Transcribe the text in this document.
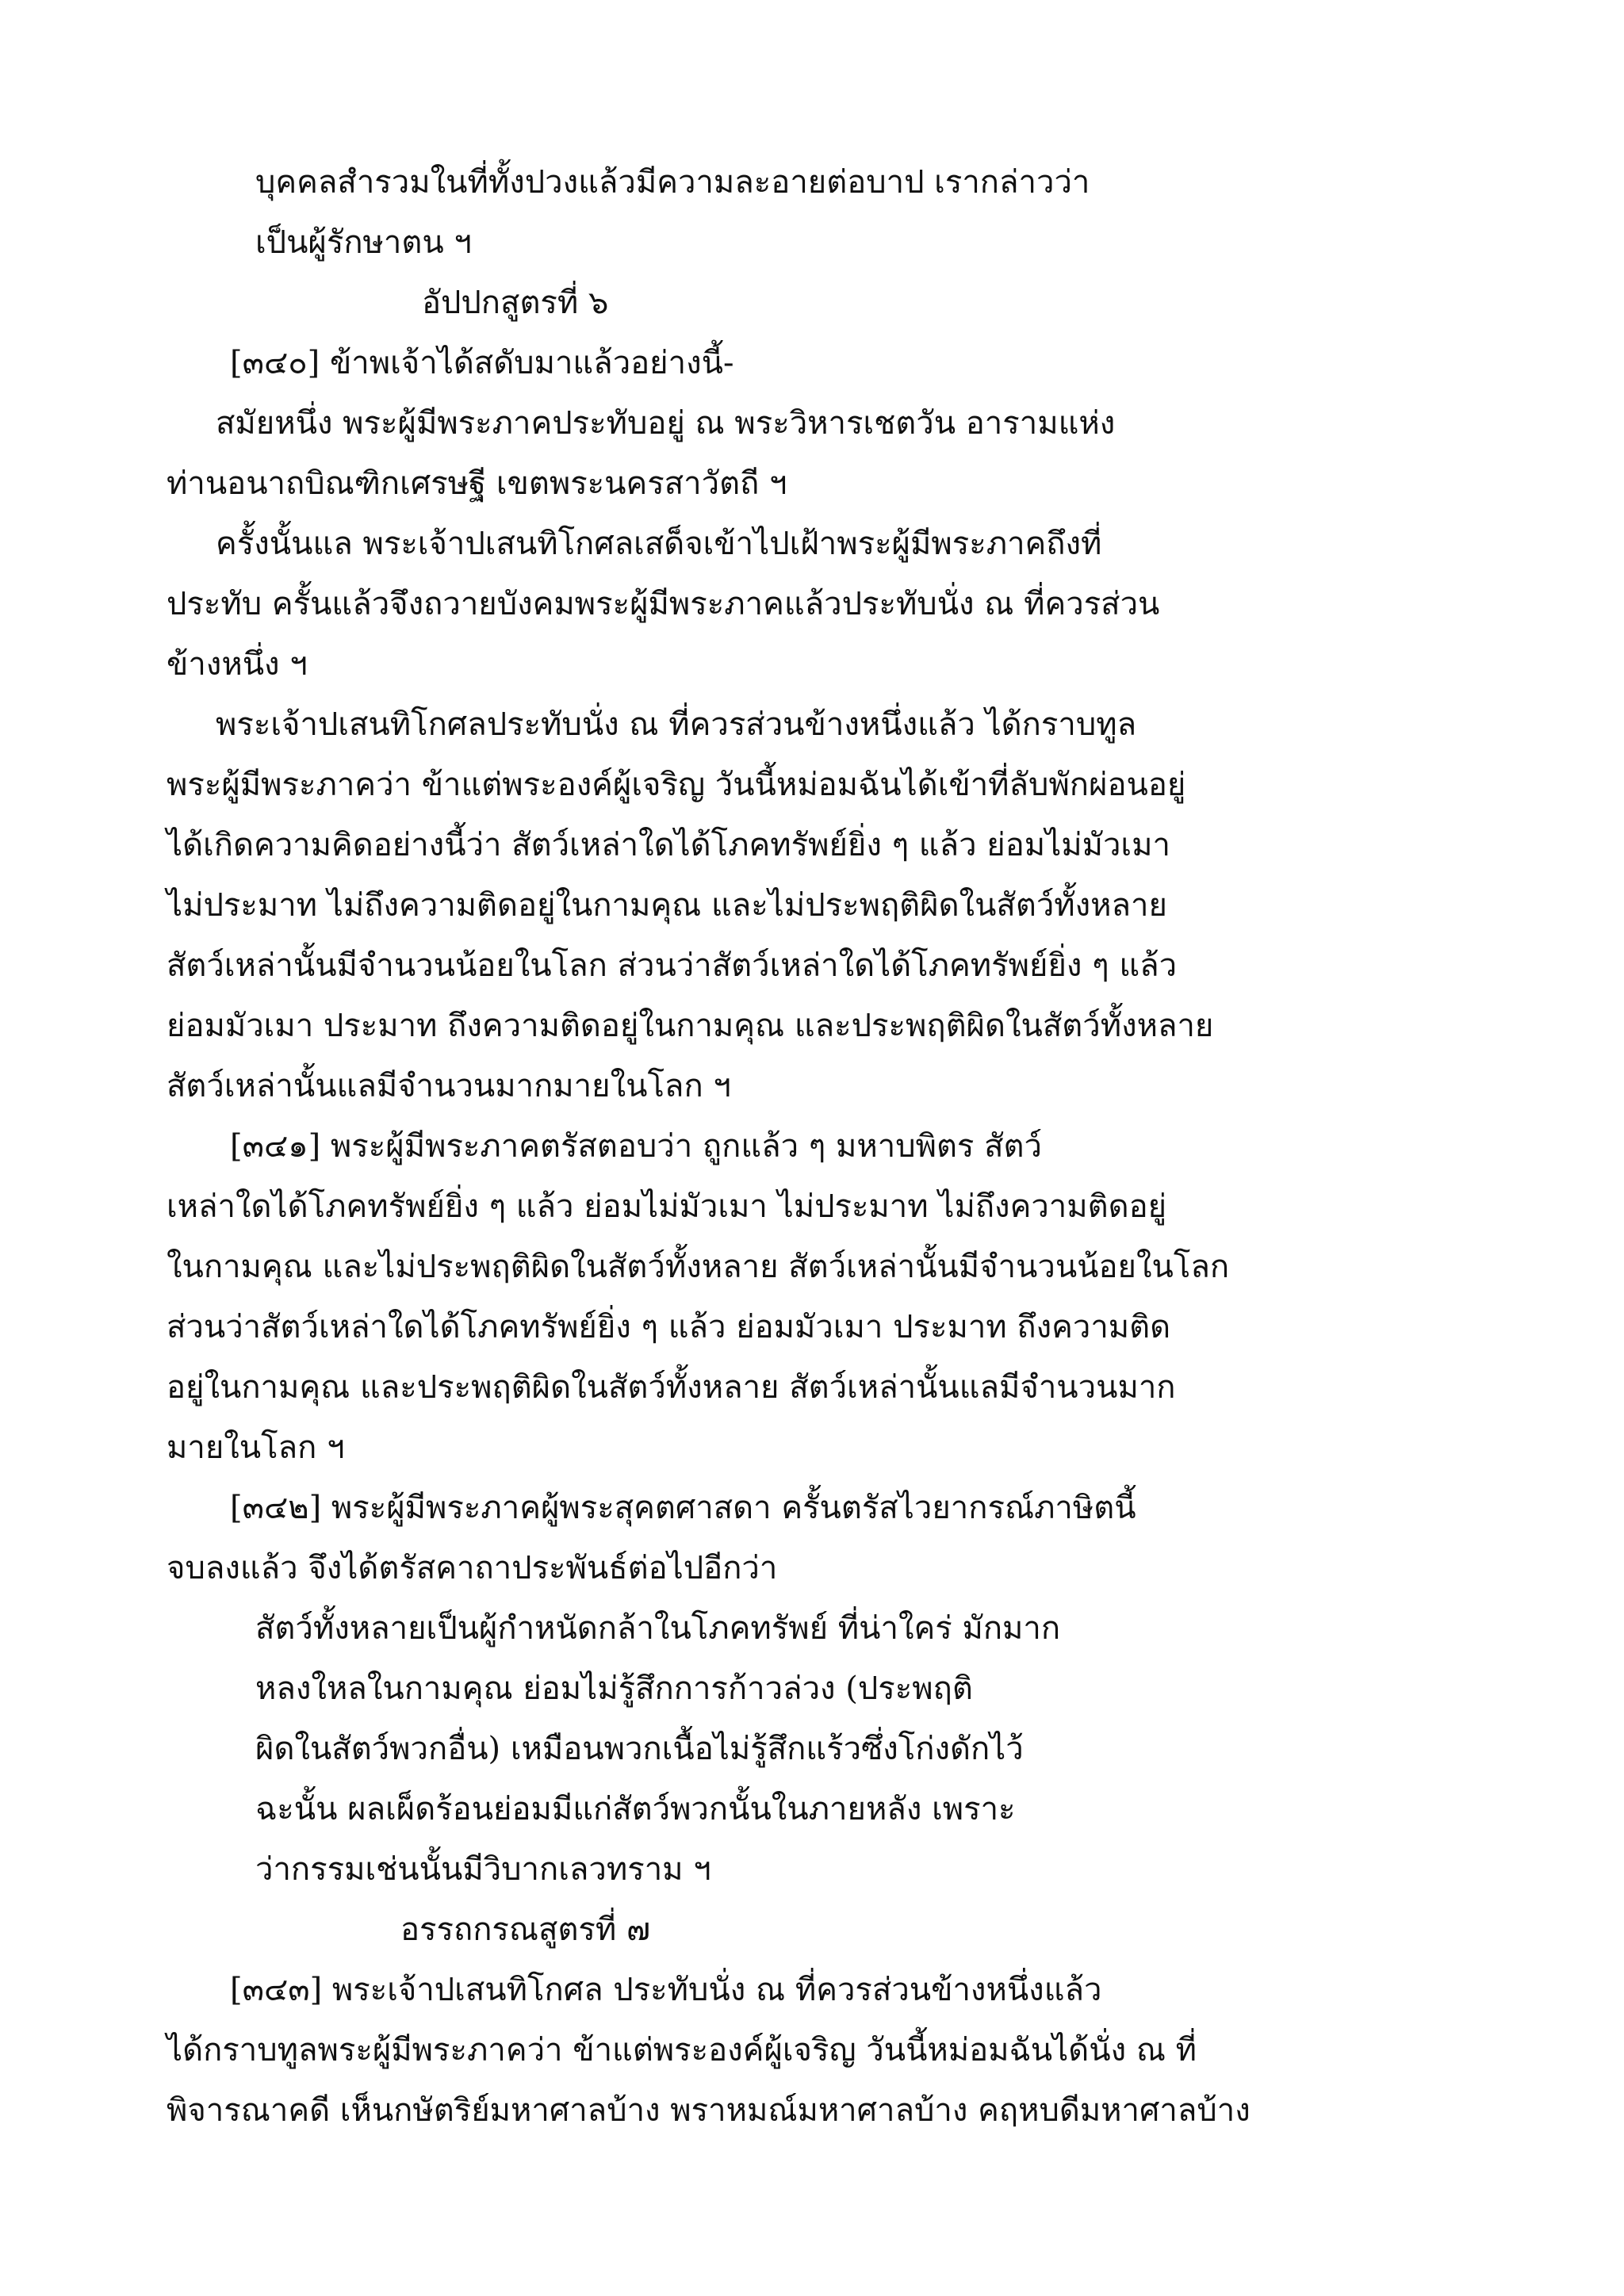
บุคคลสำรวมในที่ทั้งปวงแล้วมีความละอายต่อบาป เรากล่าวว่า
เป็นผู้รักษาตน ฯ
อัปปกสูตรที่ ๖
[๓๔๐] ข้าพเจ้าได้สดับมาแล้วอย่างนี้-
สมัยหนึ่ง พระผู้มีพระภาคประทับอยู่ ณ พระวิหารเชตวัน อารามแห่ง
ท่านอนาถบิณฑิกเศรษฐี เขตพระนครสาวัตถี ฯ
ครั้งนั้นแล พระเจ้าปเสนทิโกศลเสด็จเข้าไปเฝ้าพระผู้มีพระภาคถึงที่
ประทับ ครั้นแล้วจึงถวายบังคมพระผู้มีพระภาคแล้วประทับนั่ง ณ ที่ควรส่วน
ข้างหนึ่ง ฯ
พระเจ้าปเสนทิโกศลประทับนั่ง ณ ที่ควรส่วนข้างหนึ่งแล้ว ได้กราบทูล
พระผู้มีพระภาคว่า ข้าแต่พระองค์ผู้เจริญ วันนี้หม่อมฉันได้เข้าที่ลับพักผ่อนอยู่
ได้เกิดความคิดอย่างนี้ว่า สัตว์เหล่าใดได้โภคทรัพย์ยิ่ง ๆ แล้ว ย่อมไม่มัวเมา
ไม่ประมาท ไม่ถึงความติดอยู่ในกามคุณ และไม่ประพฤติผิดในสัตว์ทั้งหลาย
สัตว์เหล่านั้นมีจำนวนน้อยในโลก ส่วนว่าสัตว์เหล่าใดได้โภคทรัพย์ยิ่ง ๆ แล้ว
ย่อมมัวเมา ประมาท ถึงความติดอยู่ในกามคุณ และประพฤติผิดในสัตว์ทั้งหลาย
สัตว์เหล่านั้นแลมีจำนวนมากมายในโลก ฯ
[๓๔๑] พระผู้มีพระภาคตรัสตอบว่า ถูกแล้ว ๆ มหาบพิตร สัตว์
เหล่าใดได้โภคทรัพย์ยิ่ง ๆ แล้ว ย่อมไม่มัวเมา ไม่ประมาท ไม่ถึงความติดอยู่
ในกามคุณ และไม่ประพฤติผิดในสัตว์ทั้งหลาย สัตว์เหล่านั้นมีจำนวนน้อยในโลก
ส่วนว่าสัตว์เหล่าใดได้โภคทรัพย์ยิ่ง ๆ แล้ว ย่อมมัวเมา ประมาท ถึงความติด
อยู่ในกามคุณ และประพฤติผิดในสัตว์ทั้งหลาย สัตว์เหล่านั้นแลมีจำนวนมาก
มายในโลก ฯ
[๓๔๒] พระผู้มีพระภาคผู้พระสุคตศาสดา ครั้นตรัสไวยากรณ์ภาษิตนี้
จบลงแล้ว จึงได้ตรัสคาถาประพันธ์ต่อไปอีกว่า
สัตว์ทั้งหลายเป็นผู้กำหนัดกล้าในโภคทรัพย์ ที่น่าใคร่ มักมาก
หลงใหลในกามคุณ ย่อมไม่รู้สึกการก้าวล่วง (ประพฤติ
ผิดในสัตว์พวกอื่น) เหมือนพวกเนื้อไม่รู้สึกแร้วซึ่งโก่งดักไว้
ฉะนั้น ผลเผ็ดร้อนย่อมมีแก่สัตว์พวกนั้นในภายหลัง เพราะ
ว่ากรรมเช่นนั้นมีวิบากเลวทราม ฯ
อรรถกรณสูตรที่ ๗
[๓๔๓] พระเจ้าปเสนทิโกศล ประทับนั่ง ณ ที่ควรส่วนข้างหนึ่งแล้ว
ได้กราบทูลพระผู้มีพระภาคว่า ข้าแต่พระองค์ผู้เจริญ วันนี้หม่อมฉันได้นั่ง ณ ที่
พิจารณาคดี เห็นกษัตริย์มหาศาลบ้าง พราหมณ์มหาศาลบ้าง คฤหบดีมหาศาลบ้าง
